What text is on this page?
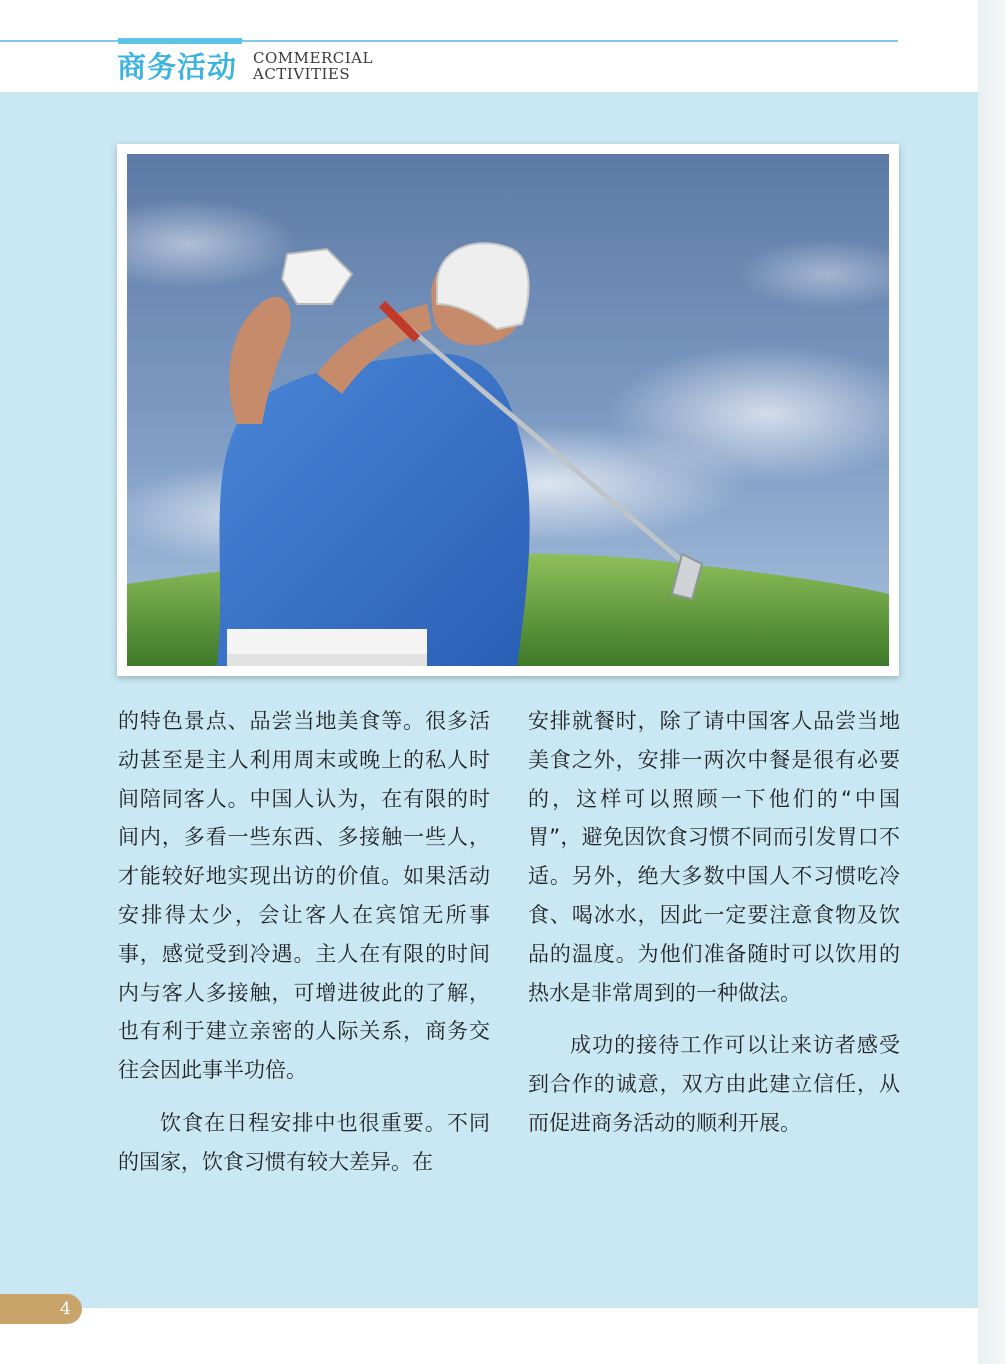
商务活动 COMMERCIAL
ACTIVITIES

的特色景点、品尝当地美食等。很多活动甚至是主人利用周末或晚上的私人时间陪同客人。中国人认为，在有限的时间内，多看一些东西、多接触一些人，才能较好地实现出访的价值。如果活动安排得太少，会让客人在宾馆无所事事，感觉受到冷遇。主人在有限的时间内与客人多接触，可增进彼此的了解，也有利于建立亲密的人际关系，商务交往会因此事半功倍。

饮食在日程安排中也很重要。不同的国家，饮食习惯有较大差异。在

安排就餐时，除了请中国客人品尝当地美食之外，安排一两次中餐是很有必要的，这样可以照顾一下他们的“中国胃”，避免因饮食习惯不同而引发胃口不适。另外，绝大多数中国人不习惯吃冷食、喝冰水，因此一定要注意食物及饮品的温度。为他们准备随时可以饮用的热水是非常周到的一种做法。

成功的接待工作可以让来访者感受到合作的诚意，双方由此建立信任，从而促进商务活动的顺利开展。

4
